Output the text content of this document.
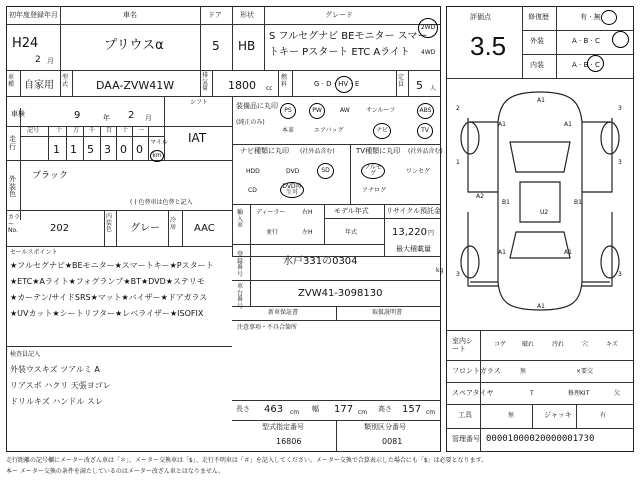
初年度登録年月
H24
2 月
車名
プリウスα
ドア
5
形状
HB
グレード
S フルセグナビ BEモニター スマー
トキー Pスタート ETC Aライト
2WD
4WD
車種 自家用
型式	DAA-ZVW41W
排気量 1800 cc
燃料	G · D · HV · E
定員 5 人
車検	9	年 2 月
シフト
IAT
走行
記号	十 万 千 百 十 一
マイル
1 1 5 3 0 0	km
外装色
ブラック
( ) 色替車は色替と記入
カラー No.	202
内装色 グレー
冷房 AAC
セールスポイント
★フルセグナビ★BEモニター★スマートキー★Pスタート
★ETC★Aライト★フォグランプ★BT★DVD★ステリモ
★カーテン/サイドSRS★マット★バイザー★ドアガラス
★UVカット★シートリフター★レベライザー★ISOFIX
検査員記入
外装ウスキズ ツアルミ A
リアスポ ハクリ 天張ヨゴレ
ドリルキズ ハンドル スレ
装備品に丸印
(純正のみ)
PS	PW	AW	サンルーフ	ABS
本革	エアバッグ	ナビ	TV
ナビ種類に丸印 (社外品含む)
HDD	DVD	SD
CD
DVD再生可
TV種類に丸印 (社外品含む)
フルセグ	ワンセグ
アナログ
輸入車
ディーラー	右H
並行	左H
モデル年式
年式
リサイクル預託金
13,220 円
最大積載量
登録番号
水戸331の0304
kg
車台番号
ZVW41-3098130
新車保証書	取扱説明書
注意事項・不具合箇所
長さ 463 cm 幅 177 cm 高さ 157 cm
型式指定番号
16806
類別区分番号
0081
評価点
3.5
修復歴	有 · 無
外装	A · B · C
内装	A · B · C
A1
A1	A1
A2
B1
U2
B1
A1	A1
A1
2	3
1	3
3	3
室内シート
コゲ	破れ	汚れ	穴	キズ
フロントガラス	無	×要交
スペアタイヤ	T	修理KIT	欠
工具	無	ジャッキ	有
管理番号 00001000020000001730
走行距離の記号欄にメーター改ざん車は「＊」、メーター交換車は「$」、走行不明車は「＃」を記入してください。メーター交換で合算表示した場合にも「$」は必要となります。
本ー メーター交換の条件を満たしているのはメーター改ざん車とはなりません。
